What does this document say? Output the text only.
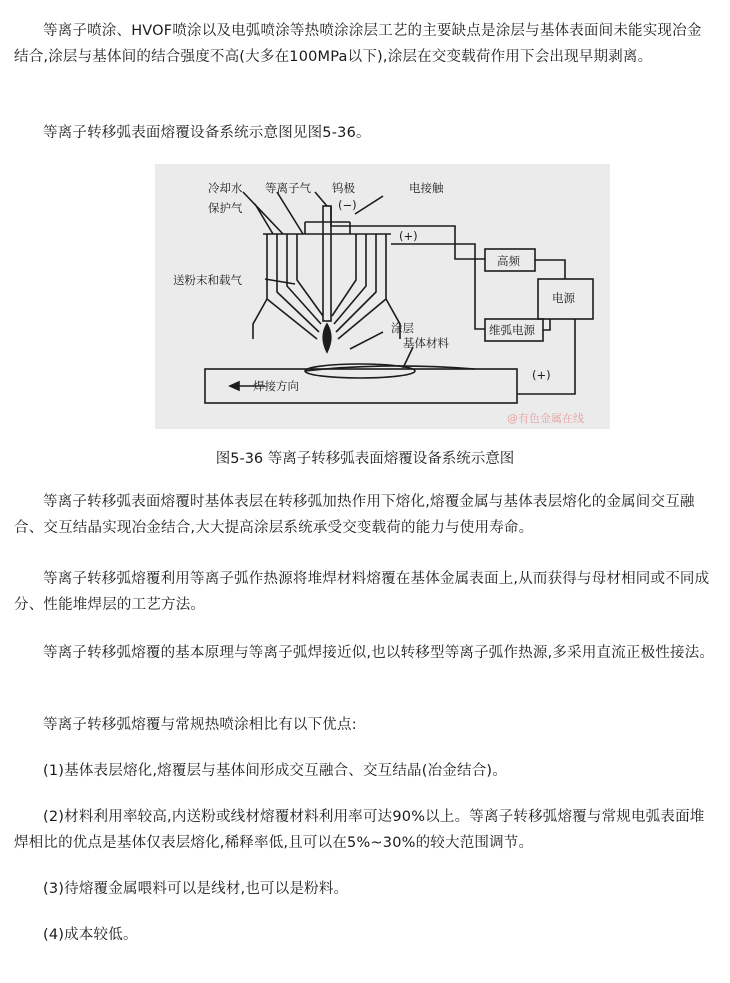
等离子喷涂、HVOF喷涂以及电弧喷涂等热喷涂涂层工艺的主要缺点是涂层与基体表面间未能实现冶金结合,涂层与基体间的结合强度不高(大多在100MPa以下),涂层在交变载荷作用下会出现早期剥离。

等离子转移弧表面熔覆设备系统示意图见图5-36。

冷却水 等离子气 钨极	电接触
保护气	(−)
(+)
送粉末和载气
高频
电源
维弧电源
涂层
基体材料
焊接方向
(+)
@有色金属在线
图5-36 等离子转移弧表面熔覆设备系统示意图

等离子转移弧表面熔覆时基体表层在转移弧加热作用下熔化,熔覆金属与基体表层熔化的金属间交互融合、交互结晶实现冶金结合,大大提高涂层系统承受交变载荷的能力与使用寿命。

等离子转移弧熔覆利用等离子弧作热源将堆焊材料熔覆在基体金属表面上,从而获得与母材相同或不同成分、性能堆焊层的工艺方法。

等离子转移弧熔覆的基本原理与等离子弧焊接近似,也以转移型等离子弧作热源,多采用直流正极性接法。

等离子转移弧熔覆与常规热喷涂相比有以下优点:

(1)基体表层熔化,熔覆层与基体间形成交互融合、交互结晶(冶金结合)。

(2)材料利用率较高,内送粉或线材熔覆材料利用率可达90%以上。等离子转移弧熔覆与常规电弧表面堆焊相比的优点是基体仅表层熔化,稀释率低,且可以在5%~30%的较大范围调节。

(3)待熔覆金属喂料可以是线材,也可以是粉料。

(4)成本较低。
